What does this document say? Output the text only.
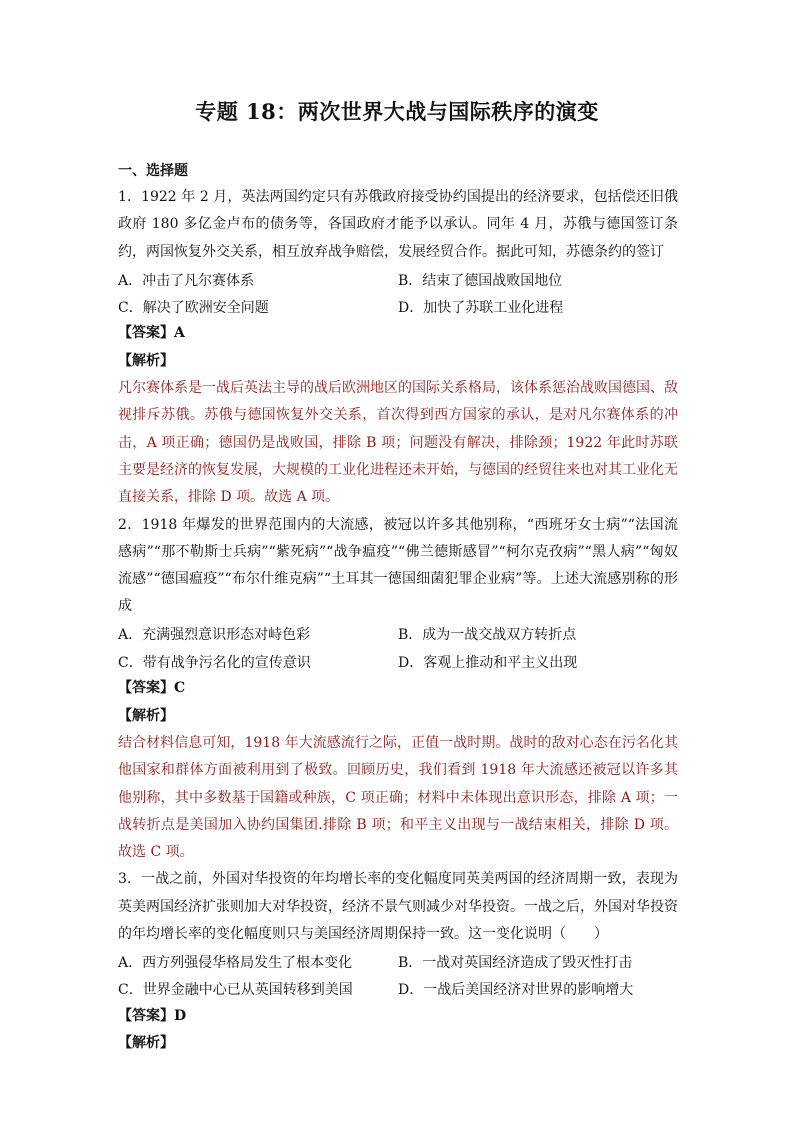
专题 18：两次世界大战与国际秩序的演变
一、选择题
1．1922 年 2 月，英法两国约定只有苏俄政府接受协约国提出的经济要求，包括偿还旧俄政府 180 多亿金卢布的债务等，各国政府才能予以承认。同年 4 月，苏俄与德国签订条约，两国恢复外交关系，相互放弃战争赔偿，发展经贸合作。据此可知，苏德条约的签订
A．冲击了凡尔赛体系	B．结束了德国战败国地位
C．解决了欧洲安全问题	D．加快了苏联工业化进程
【答案】A
【解析】
凡尔赛体系是一战后英法主导的战后欧洲地区的国际关系格局，该体系惩治战败国德国、敌视排斥苏俄。苏俄与德国恢复外交关系，首次得到西方国家的承认，是对凡尔赛体系的冲击，A 项正确；德国仍是战败国，排除 B 项；问题没有解决，排除颈；1922 年此时苏联主要是经济的恢复发展，大规模的工业化进程还未开始，与德国的经贸往来也对其工业化无直接关系，排除 D 项。故选 A 项。
2．1918 年爆发的世界范围内的大流感，被冠以许多其他别称，“西班牙女士病”“法国流感病”“那不勒斯士兵病”“紫死病”“战争瘟疫”“佛兰德斯感冒”“柯尔克孜病”“黑人病”“匈奴流感”“德国瘟疫”“布尔什维克病”“土耳其一德国细菌犯罪企业病”等。上述大流感别称的形成
A．充满强烈意识形态对峙色彩	B．成为一战交战双方转折点
C．带有战争污名化的宣传意识	D．客观上推动和平主义出现
【答案】C
【解析】
结合材料信息可知，1918 年大流感流行之际，正值一战时期。战时的敌对心态在污名化其他国家和群体方面被利用到了极致。回顾历史，我们看到 1918 年大流感还被冠以许多其他别称，其中多数基于国籍或种族，C 项正确；材料中未体现出意识形态，排除 A 项；一战转折点是美国加入协约国集团.排除 B 项；和平主义出现与一战结束相关，排除 D 项。故选 C 项。
3．一战之前，外国对华投资的年均增长率的变化幅度同英美两国的经济周期一致，表现为英美两国经济扩张则加大对华投资，经济不景气则减少对华投资。一战之后，外国对华投资的年均增长率的变化幅度则只与美国经济周期保持一致。这一变化说明（　　）
A．西方列强侵华格局发生了根本变化	B．一战对英国经济造成了毁灭性打击
C．世界金融中心已从英国转移到美国	D．一战后美国经济对世界的影响增大
【答案】D
【解析】
